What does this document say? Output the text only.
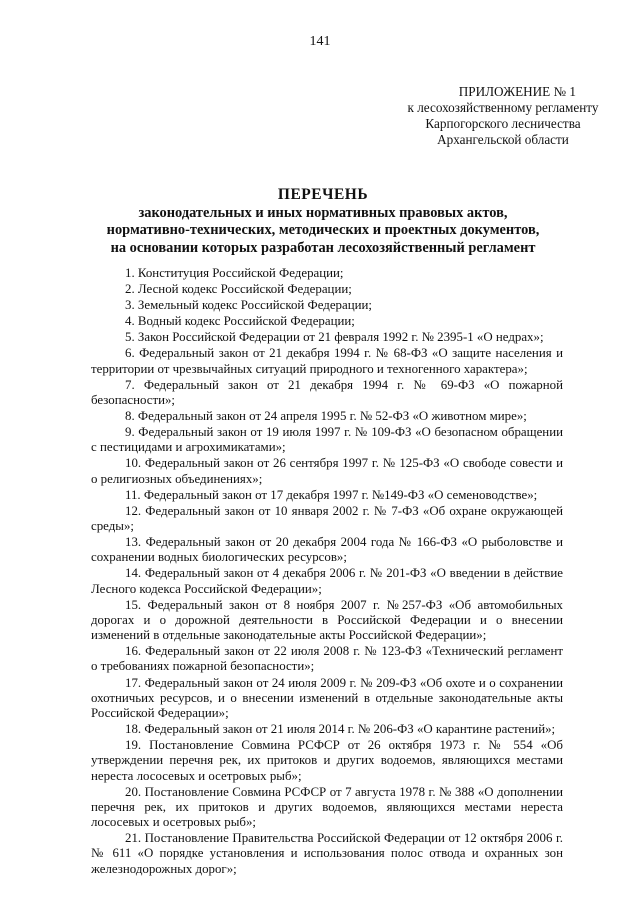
141
ПРИЛОЖЕНИЕ № 1
к лесохозяйственному регламенту
Карпогорского лесничества
Архангельской области
ПЕРЕЧЕНЬ
законодательных и иных нормативных правовых актов,
нормативно-технических, методических и проектных документов,
на основании которых разработан лесохозяйственный регламент

1. Конституция Российской Федерации;

2. Лесной кодекс Российской Федерации;

3. Земельный кодекс Российской Федерации;

4. Водный кодекс Российской Федерации;

5. Закон Российской Федерации от 21 февраля 1992 г. № 2395-1 «О недрах»;

6. Федеральный закон от 21 декабря 1994 г. № 68-ФЗ «О защите населения и территории от чрезвычайных ситуаций природного и техногенного характера»;

7. Федеральный закон от 21 декабря 1994 г. № 69-ФЗ «О пожарной безопасности»;

8. Федеральный закон от 24 апреля 1995 г. № 52-ФЗ «О животном мире»;

9. Федеральный закон от 19 июля 1997 г. № 109-ФЗ «О безопасном обращении с пестицидами и агрохимикатами»;

10. Федеральный закон от 26 сентября 1997 г. № 125-ФЗ «О свободе совести и о религиозных объединениях»;

11. Федеральный закон от 17 декабря 1997 г. №149-ФЗ «О семеноводстве»;

12. Федеральный закон от 10 января 2002 г. № 7-ФЗ «Об охране окружающей среды»;

13. Федеральный закон от 20 декабря 2004 года № 166-ФЗ «О рыболовстве и сохранении водных биологических ресурсов»;

14. Федеральный закон от 4 декабря 2006 г. № 201-ФЗ «О введении в действие Лесного кодекса Российской Федерации»;

15. Федеральный закон от 8 ноября 2007 г. №257-ФЗ «Об автомобильных дорогах и о дорожной деятельности в Российской Федерации и о внесении изменений в отдельные законодательные акты Российской Федерации»;

16. Федеральный закон от 22 июля 2008 г. № 123-ФЗ «Технический регламент о требованиях пожарной безопасности»;

17. Федеральный закон от 24 июля 2009 г. № 209-ФЗ «Об охоте и о сохранении охотничьих ресурсов, и о внесении изменений в отдельные законодательные акты Российской Федерации»;

18. Федеральный закон от 21 июля 2014 г. № 206-ФЗ «О карантине растений»;

19. Постановление Совмина РСФСР от 26 октября 1973 г. № 554 «Об утверждении перечня рек, их притоков и других водоемов, являющихся местами нереста лососевых и осетровых рыб»;

20. Постановление Совмина РСФСР от 7 августа 1978 г. № 388 «О дополнении перечня рек, их притоков и других водоемов, являющихся местами нереста лососевых и осетровых рыб»;

21. Постановление Правительства Российской Федерации от 12 октября 2006 г. № 611 «О порядке установления и использования полос отвода и охранных зон железнодорожных дорог»;
